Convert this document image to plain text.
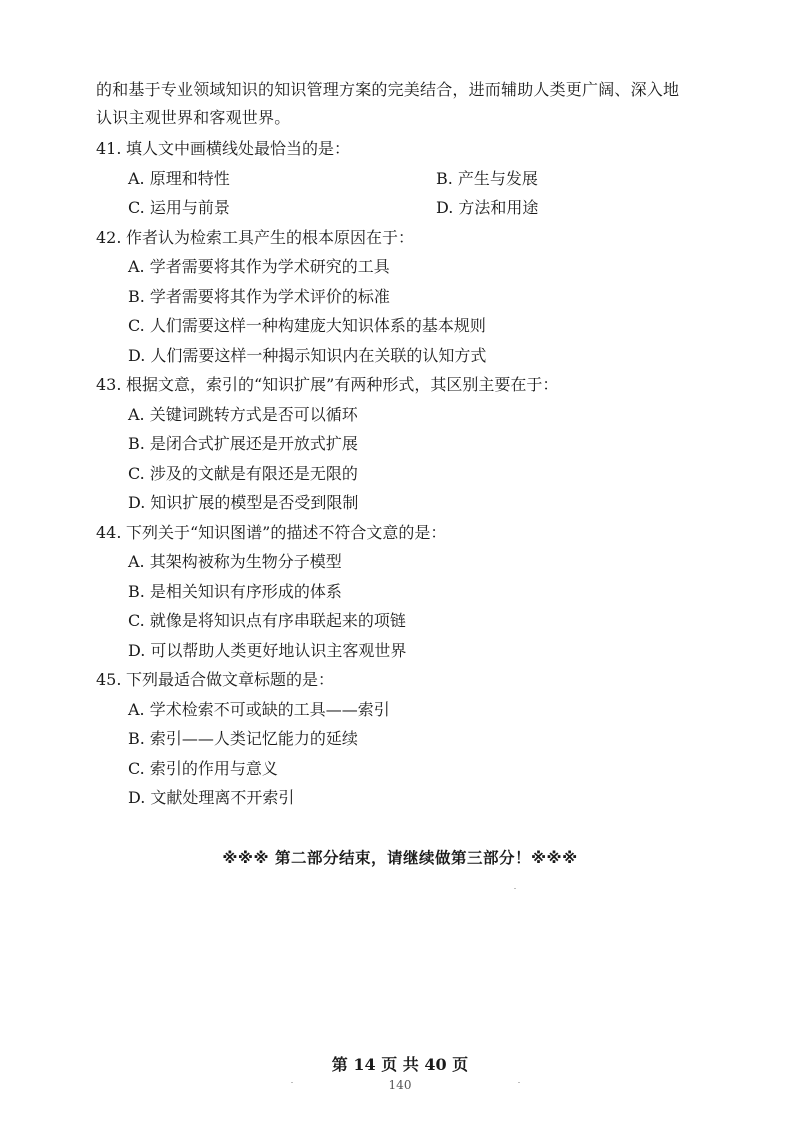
的和基于专业领域知识的知识管理方案的完美结合，进而辅助人类更广阔、深入地

认识主观世界和客观世界。

41. 填人文中画横线处最恰当的是：
A. 原理和特性	B. 产生与发展
C. 运用与前景	D. 方法和用途
42. 作者认为检索工具产生的根本原因在于：
A. 学者需要将其作为学术研究的工具
B. 学者需要将其作为学术评价的标准
C. 人们需要这样一种构建庞大知识体系的基本规则
D. 人们需要这样一种揭示知识内在关联的认知方式
43. 根据文意，索引的“知识扩展”有两种形式，其区别主要在于：
A. 关键词跳转方式是否可以循环
B. 是闭合式扩展还是开放式扩展
C. 涉及的文献是有限还是无限的
D. 知识扩展的模型是否受到限制
44. 下列关于“知识图谱”的描述不符合文意的是：
A. 其架构被称为生物分子模型
B. 是相关知识有序形成的体系
C. 就像是将知识点有序串联起来的项链
D. 可以帮助人类更好地认识主客观世界
45. 下列最适合做文章标题的是：
A. 学术检索不可或缺的工具——索引
B. 索引——人类记忆能力的延续
C. 索引的作用与意义
D. 文献处理离不开索引
※※※ 第二部分结束，请继续做第三部分！※※※
第 14 页 共 40 页
140
